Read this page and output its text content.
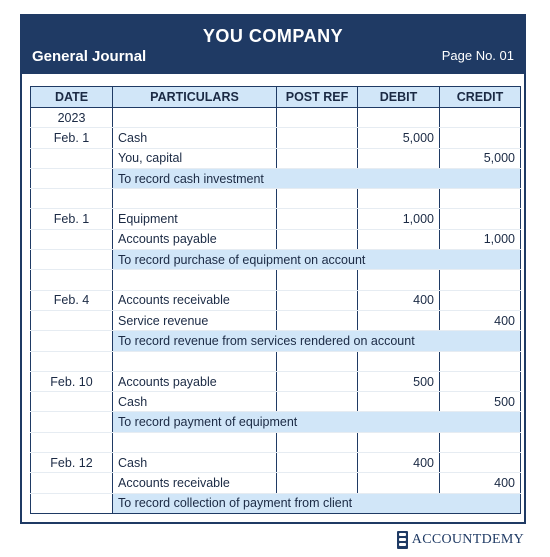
YOU COMPANY
General Journal	Page No. 01
DATE	PARTICULARS	POST REF	DEBIT	CREDIT
2023				
Feb. 1	Cash		5,000	
	You, capital			5,000
	To record cash investment			

Feb. 1	Equipment		1,000	
	Accounts payable			1,000
	To record purchase of equipment on account			

Feb. 4	Accounts receivable		400	
	Service revenue			400
	To record revenue from services rendered on account			

Feb. 10	Accounts payable		500	
	Cash			500
	To record payment of equipment			

Feb. 12	Cash		400	
	Accounts receivable			400
	To record collection of payment from client			
ACCOUNTDEMY
